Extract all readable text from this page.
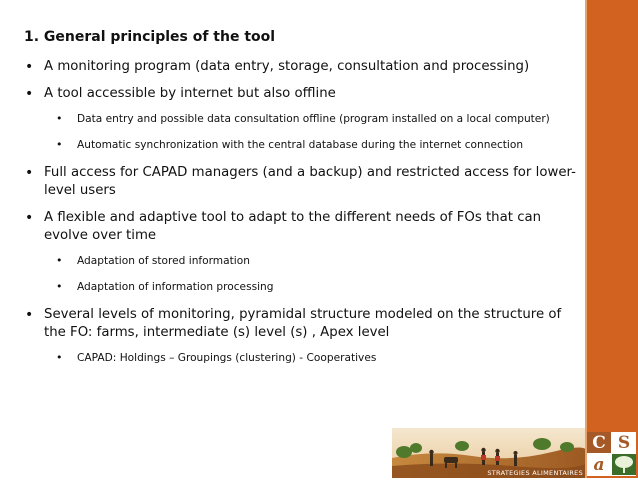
1. General principles of the tool
• A monitoring program (data entry, storage, consultation and processing)
• A tool accessible by internet but also offline
• Data entry and possible data consultation offline (program installed on a local computer)
• Automatic synchronization with the central database during the internet connection
• Full access for CAPAD managers (and a backup) and restricted access for lower-level users
• A flexible and adaptive tool to adapt to the different needs of FOs that can evolve over time
• Adaptation of stored information
• Adaptation of information processing
• Several levels of monitoring, pyramidal structure modeled on the structure of the FO: farms, intermediate (s) level (s) , Apex level
• CAPAD: Holdings – Groupings (clustering) - Cooperatives
STRATEGIES ALIMENTAIRES
C S
a
